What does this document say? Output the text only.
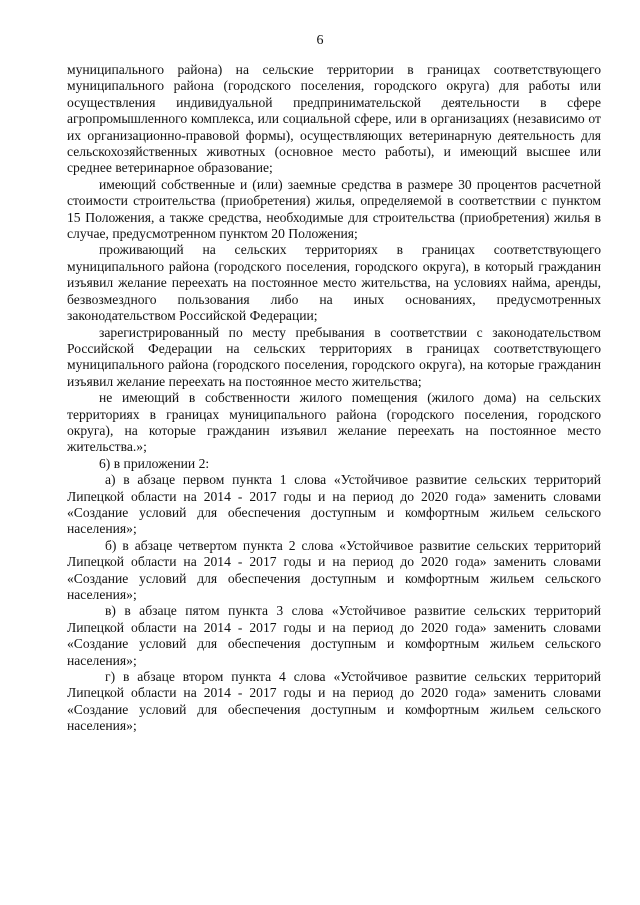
6

муниципального района) на сельские территории в границах соответствующего муниципального района (городского поселения, городского округа) для работы или осуществления индивидуальной предпринимательской деятельности в сфере агропромышленного комплекса, или социальной сфере, или в организациях (независимо от их организационно-правовой формы), осуществляющих ветеринарную деятельность для сельскохозяйственных животных (основное место работы), и имеющий высшее или среднее ветеринарное образование;

имеющий собственные и (или) заемные средства в размере 30 процентов расчетной стоимости строительства (приобретения) жилья, определяемой в соответствии с пунктом 15 Положения, а также средства, необходимые для строительства (приобретения) жилья в случае, предусмотренном пунктом 20 Положения;

проживающий на сельских территориях в границах соответствующего муниципального района (городского поселения, городского округа), в который гражданин изъявил желание переехать на постоянное место жительства, на условиях найма, аренды, безвозмездного пользования либо на иных основаниях, предусмотренных законодательством Российской Федерации;

зарегистрированный по месту пребывания в соответствии с законодательством Российской Федерации на сельских территориях в границах соответствующего муниципального района (городского поселения, городского округа), на которые гражданин изъявил желание переехать на постоянное место жительства;

не имеющий в собственности жилого помещения (жилого дома) на сельских территориях в границах муниципального района (городского поселения, городского округа), на которые гражданин изъявил желание переехать на постоянное место жительства.»;

6) в приложении 2:

а) в абзаце первом пункта 1 слова «Устойчивое развитие сельских территорий Липецкой области на 2014 - 2017 годы и на период до 2020 года» заменить словами «Создание условий для обеспечения доступным и комфортным жильем сельского населения»;

б) в абзаце четвертом пункта 2 слова «Устойчивое развитие сельских территорий Липецкой области на 2014 - 2017 годы и на период до 2020 года» заменить словами «Создание условий для обеспечения доступным и комфортным жильем сельского населения»;

в) в абзаце пятом пункта 3 слова «Устойчивое развитие сельских территорий Липецкой области на 2014 - 2017 годы и на период до 2020 года» заменить словами «Создание условий для обеспечения доступным и комфортным жильем сельского населения»;

г) в абзаце втором пункта 4 слова «Устойчивое развитие сельских территорий Липецкой области на 2014 - 2017 годы и на период до 2020 года» заменить словами «Создание условий для обеспечения доступным и комфортным жильем сельского населения»;
